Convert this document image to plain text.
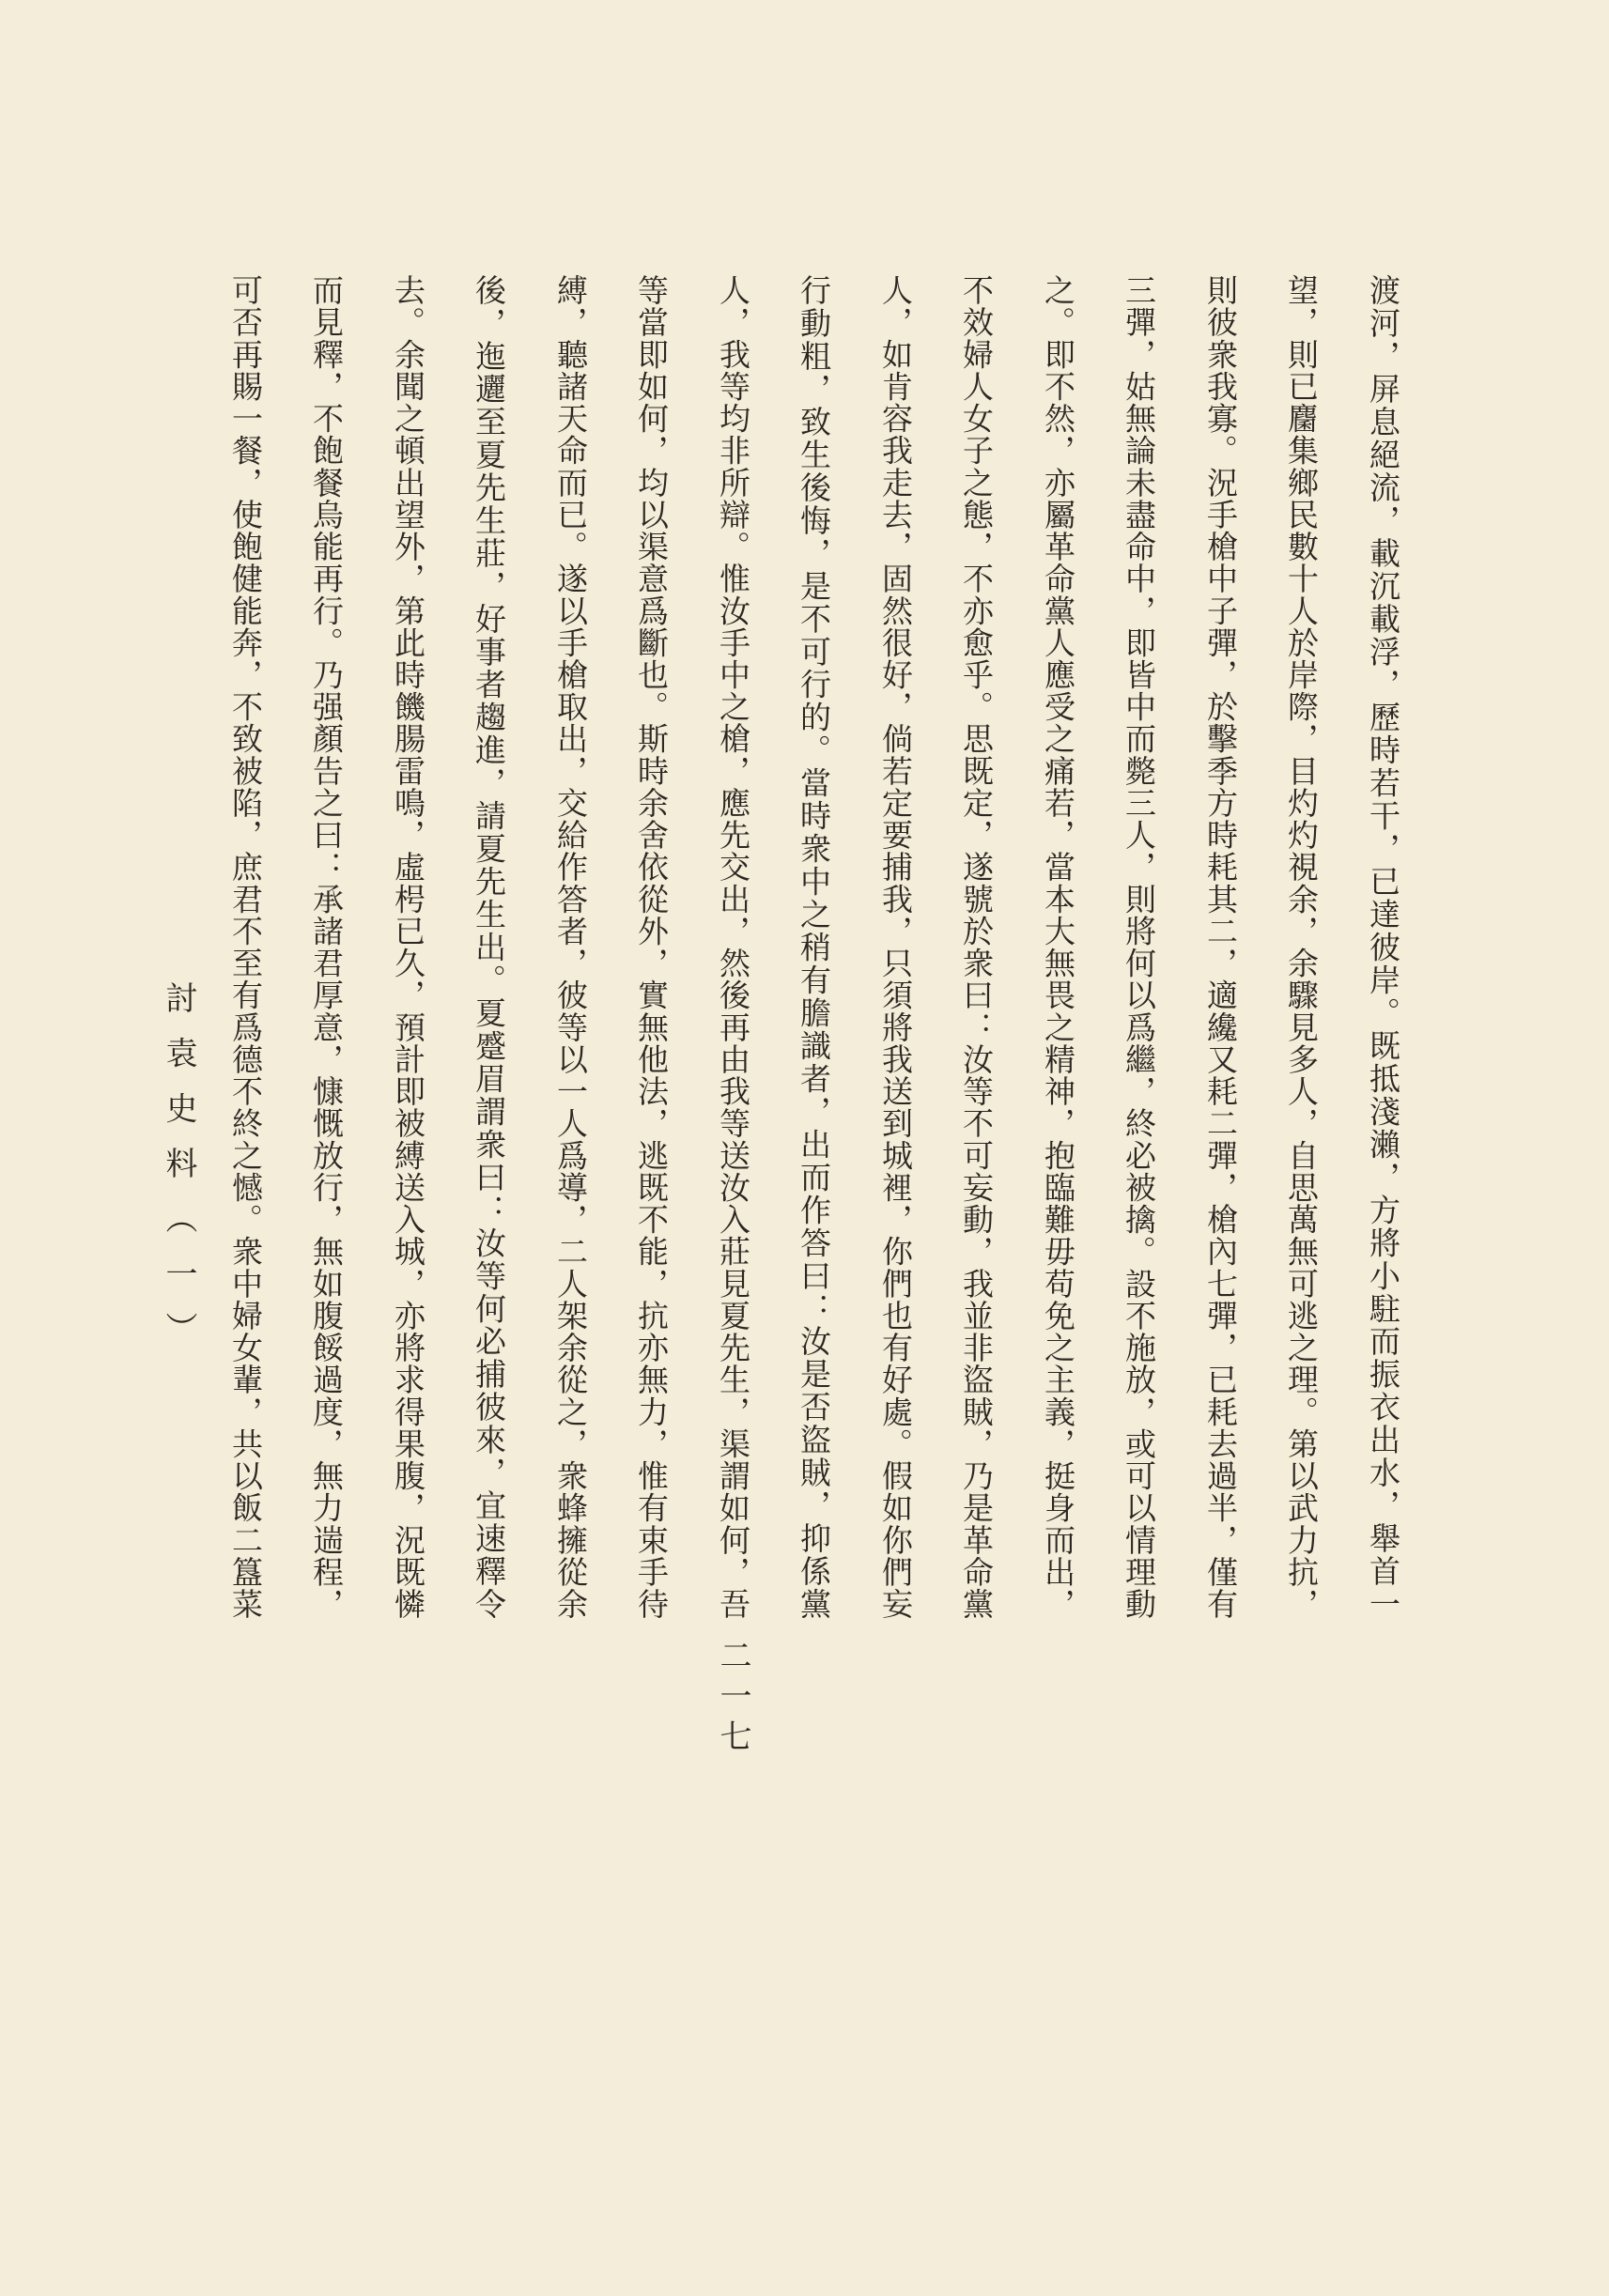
渡河，屏息絕流，載沉載浮，歷時若干，已達彼岸。既抵淺瀨，方將小駐而振衣出水，舉首一
望，則已麕集鄉民數十人於岸際，目灼灼視余，余驟見多人，自思萬無可逃之理。第以武力抗，
則彼衆我寡。況手槍中子彈，於擊季方時耗其二，適纔又耗二彈，槍內七彈，已耗去過半，僅有
三彈，姑無論未盡命中，即皆中而斃三人，則將何以爲繼，終必被擒。設不施放，或可以情理動
之。即不然，亦屬革命黨人應受之痛若，當本大無畏之精神，抱臨難毋苟免之主義，挺身而出，
不效婦人女子之態，不亦愈乎。思既定，遂號於衆曰：汝等不可妄動，我並非盜賊，乃是革命黨
人，如肯容我走去，固然很好，倘若定要捕我，只須將我送到城裡，你們也有好處。假如你們妄
行動粗，致生後悔，是不可行的。當時衆中之稍有膽識者，出而作答曰：汝是否盜賊，抑係黨
人，我等均非所辯。惟汝手中之槍，應先交出，然後再由我等送汝入莊見夏先生，渠謂如何，吾
等當即如何，均以渠意爲斷也。斯時余舍依從外，實無他法，逃既不能，抗亦無力，惟有束手待
縛，聽諸天命而已。遂以手槍取出，交給作答者，彼等以一人爲導，二人架余從之，衆蜂擁從余
後，迤邐至夏先生莊，好事者趨進，請夏先生出。夏蹙眉謂衆曰：汝等何必捕彼來，宜速釋令
去。余聞之頓出望外，第此時饑腸雷鳴，虛枵已久，預計即被縛送入城，亦將求得果腹，況既憐
而見釋，不飽餐烏能再行。乃强顏告之曰：承諸君厚意，慷慨放行，無如腹餒過度，無力遄程，
可否再賜一餐，使飽健能奔，不致被陷，庶君不至有爲德不終之憾。衆中婦女輩，共以飯二簋菜
討袁史料（一）
二一七
